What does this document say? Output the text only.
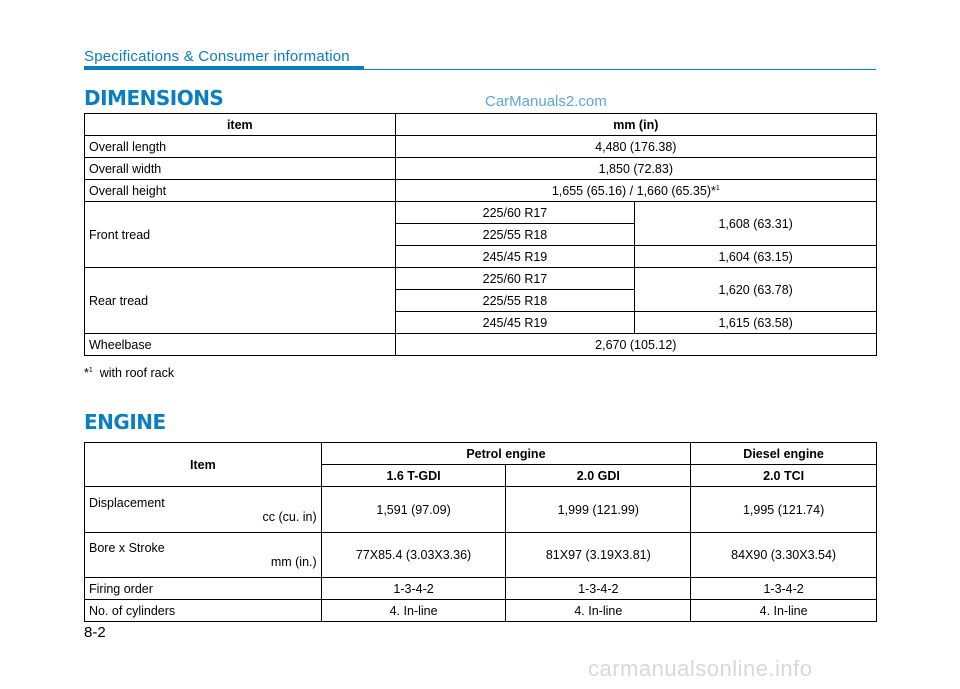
Specifications & Consumer information
DIMENSIONS	CarManuals2.com
item	mm (in)	
Overall length	4,480 (176.38)	
Overall width	1,850 (72.83)	
Overall height	1,655 (65.16) / 1,660 (65.35)*$^1$
Front tread	225/60 R17	1,608 (63.31)
	225/55 R18	
	245/45 R19	1,604 (63.15)
Rear tread	225/60 R17	1,620 (63.78)
	225/55 R18	
	245/45 R19	1,615 (63.58)
Wheelbase	2,670 (105.12)	
*$^1$ with roof rack
ENGINE
Item	Petrol engine		Diesel engine
	1.6 T-GDI	2.0 GDI	2.0 TCI
Displacement
cc (cu. in)	1,591 (97.09)	1,999 (121.99)	1,995 (121.74)
Bore x Stroke
mm (in.)	77X85.4 (3.03X3.36)	81X97 (3.19X3.81)	84X90 (3.30X3.54)
Firing order	1-3-4-2	1-3-4-2	1-3-4-2
No. of cylinders	4. In-line	4. In-line	4. In-line
8-2
carmanualsonline.info
